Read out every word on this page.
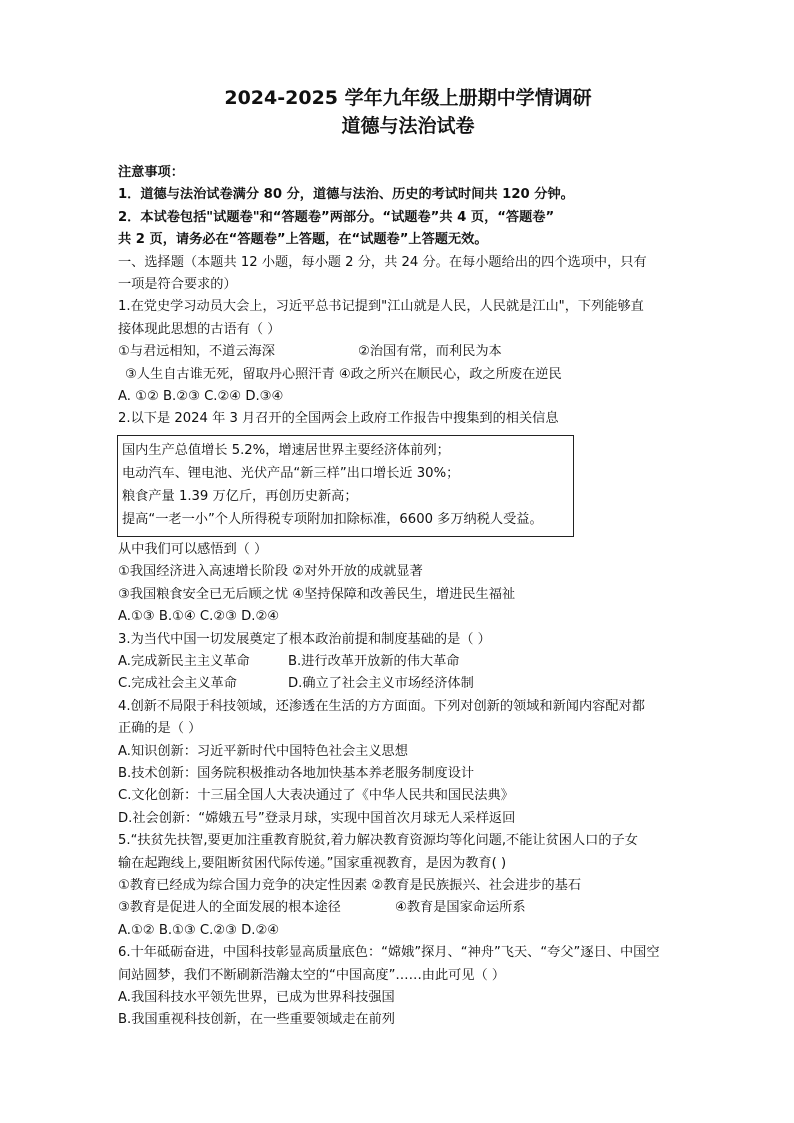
2024-2025 学年九年级上册期中学情调研
道德与法治试卷
注意事项：
1．道德与法治试卷满分 80 分，道德与法治、历史的考试时间共 120 分钟。
2．本试卷包括"试题卷"和“答题卷”两部分。“试题卷”共 4 页，“答题卷”
共 2 页，请务必在“答题卷”上答题，在“试题卷”上答题无效。
一、选择题（本题共 12 小题，每小题 2 分，共 24 分。在每小题给出的四个选项中，只有
一项是符合要求的）
1.在党史学习动员大会上，习近平总书记提到"江山就是人民，人民就是江山"，下列能够直
接体现此思想的古语有（ ）
①与君远相知，不道云海深	②治国有常，而利民为本
③人生自古谁无死，留取丹心照汗青 ④政之所兴在顺民心，政之所废在逆民
A. ①② B.②③ C.②④ D.③④
2.以下是 2024 年 3 月召开的全国两会上政府工作报告中搜集到的相关信息
国内生产总值增长 5.2%，增速居世界主要经济体前列；
电动汽车、锂电池、光伏产品“新三样”出口增长近 30%；
粮食产量 1.39 万亿斤，再创历史新高；
提高“一老一小”个人所得税专项附加扣除标准，6600 多万纳税人受益。
从中我们可以感悟到（ ）
①我国经济进入高速增长阶段 ②对外开放的成就显著
③我国粮食安全已无后顾之忧 ④坚持保障和改善民生，增进民生福祉
A.①③ B.①④ C.②③ D.②④
3.为当代中国一切发展奠定了根本政治前提和制度基础的是（ ）
A.完成新民主主义革命	B.进行改革开放新的伟大革命
C.完成社会主义革命	D.确立了社会主义市场经济体制
4.创新不局限于科技领域，还渗透在生活的方方面面。下列对创新的领域和新闻内容配对都
正确的是（ ）
A.知识创新：习近平新时代中国特色社会主义思想
B.技术创新：国务院积极推动各地加快基本养老服务制度设计
C.文化创新：十三届全国人大表决通过了《中华人民共和国民法典》
D.社会创新：“嫦娥五号”登录月球，实现中国首次月球无人采样返回
5.“扶贫先扶智,要更加注重教育脱贫,着力解决教育资源均等化问题,不能让贫困人口的子女
输在起跑线上,要阻断贫困代际传递。”国家重视教育，是因为教育( )
①教育已经成为综合国力竞争的决定性因素 ②教育是民族振兴、社会进步的基石
③教育是促进人的全面发展的根本途径	④教育是国家命运所系
A.①② B.①③ C.②③ D.②④
6.十年砥砺奋进，中国科技彰显高质量底色：“嫦娥”探月、“神舟”飞天、“夸父”逐日、中国空
间站圆梦，我们不断刷新浩瀚太空的“中国高度”……由此可见（ ）
A.我国科技水平领先世界，已成为世界科技强国
B.我国重视科技创新，在一些重要领域走在前列
